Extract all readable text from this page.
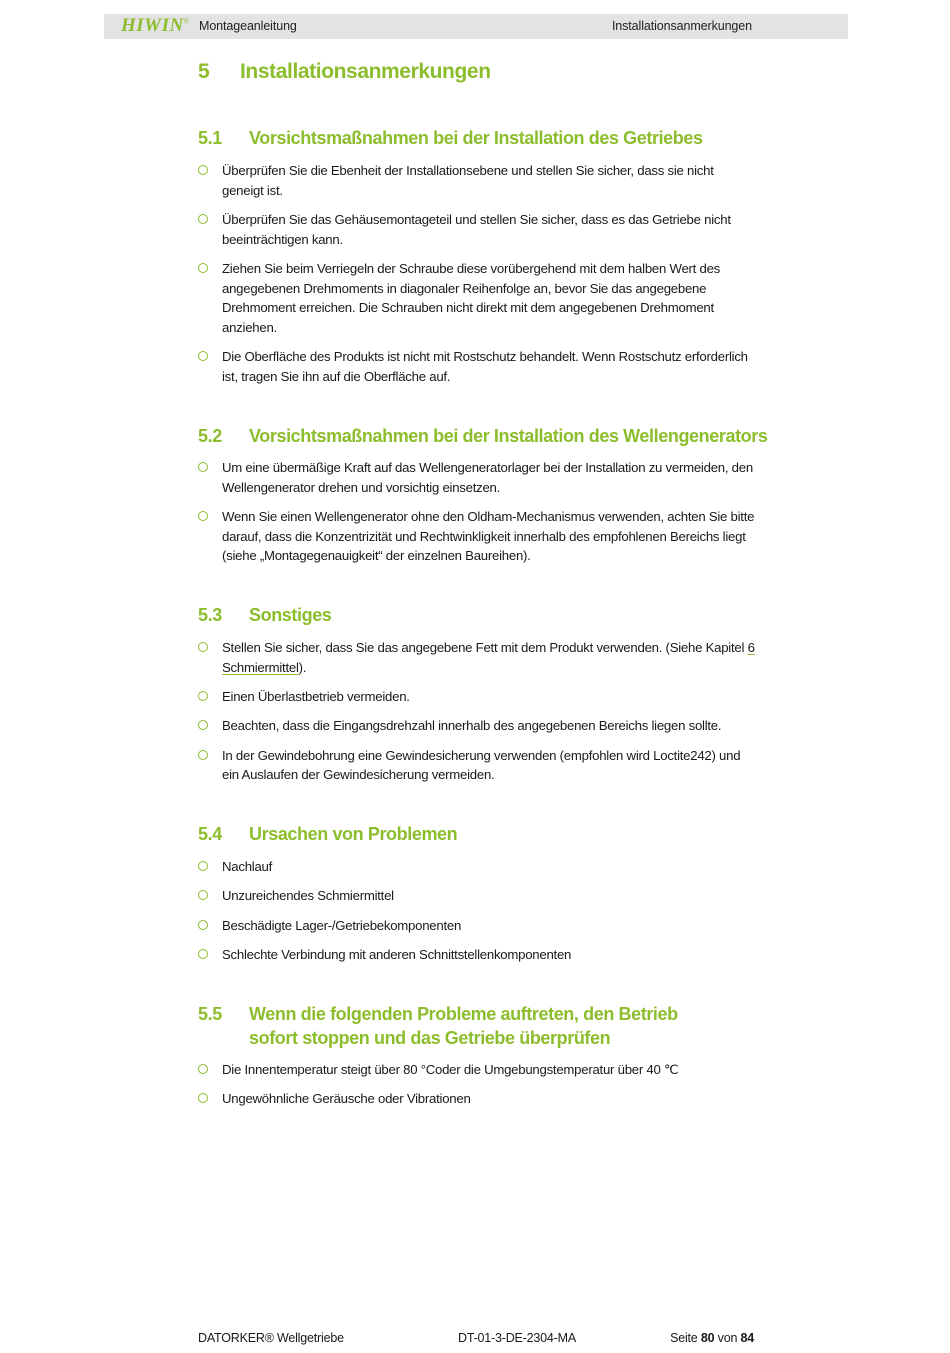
HIWIN® Montageanleitung	Installationsanmerkungen
5 Installationsanmerkungen
5.1	Vorsichtsmaßnahmen bei der Installation des Getriebes
Überprüfen Sie die Ebenheit der Installationsebene und stellen Sie sicher, dass sie nicht geneigt ist.
Überprüfen Sie das Gehäusemontageteil und stellen Sie sicher, dass es das Getriebe nicht beeinträchtigen kann.
Ziehen Sie beim Verriegeln der Schraube diese vorübergehend mit dem halben Wert des angegebenen Drehmoments in diagonaler Reihenfolge an, bevor Sie das angegebene Drehmoment erreichen. Die Schrauben nicht direkt mit dem angegebenen Drehmoment anziehen.
Die Oberfläche des Produkts ist nicht mit Rostschutz behandelt. Wenn Rostschutz erforderlich ist, tragen Sie ihn auf die Oberfläche auf.
5.2	Vorsichtsmaßnahmen bei der Installation des Wellengenerators
Um eine übermäßige Kraft auf das Wellengeneratorlager bei der Installation zu vermeiden, den Wellengenerator drehen und vorsichtig einsetzen.
Wenn Sie einen Wellengenerator ohne den Oldham-Mechanismus verwenden, achten Sie bitte darauf, dass die Konzentrizität und Rechtwinkligkeit innerhalb des empfohlenen Bereichs liegt (siehe „Montagegenauigkeit“ der einzelnen Baureihen).
5.3	Sonstiges
Stellen Sie sicher, dass Sie das angegebene Fett mit dem Produkt verwenden. (Siehe Kapitel 6 Schmiermittel).
Einen Überlastbetrieb vermeiden.
Beachten, dass die Eingangsdrehzahl innerhalb des angegebenen Bereichs liegen sollte.
In der Gewindebohrung eine Gewindesicherung verwenden (empfohlen wird Loctite242) und ein Auslaufen der Gewindesicherung vermeiden.
5.4	Ursachen von Problemen
Nachlauf
Unzureichendes Schmiermittel
Beschädigte Lager-/Getriebekomponenten
Schlechte Verbindung mit anderen Schnittstellenkomponenten
5.5	Wenn die folgenden Probleme auftreten, den Betrieb sofort stoppen und das Getriebe überprüfen
Die Innentemperatur steigt über 80 °Coder die Umgebungstemperatur über 40 ℃
Ungewöhnliche Geräusche oder Vibrationen
DATORKER® Wellgetriebe	DT-01-3-DE-2304-MA	Seite 80 von 84
